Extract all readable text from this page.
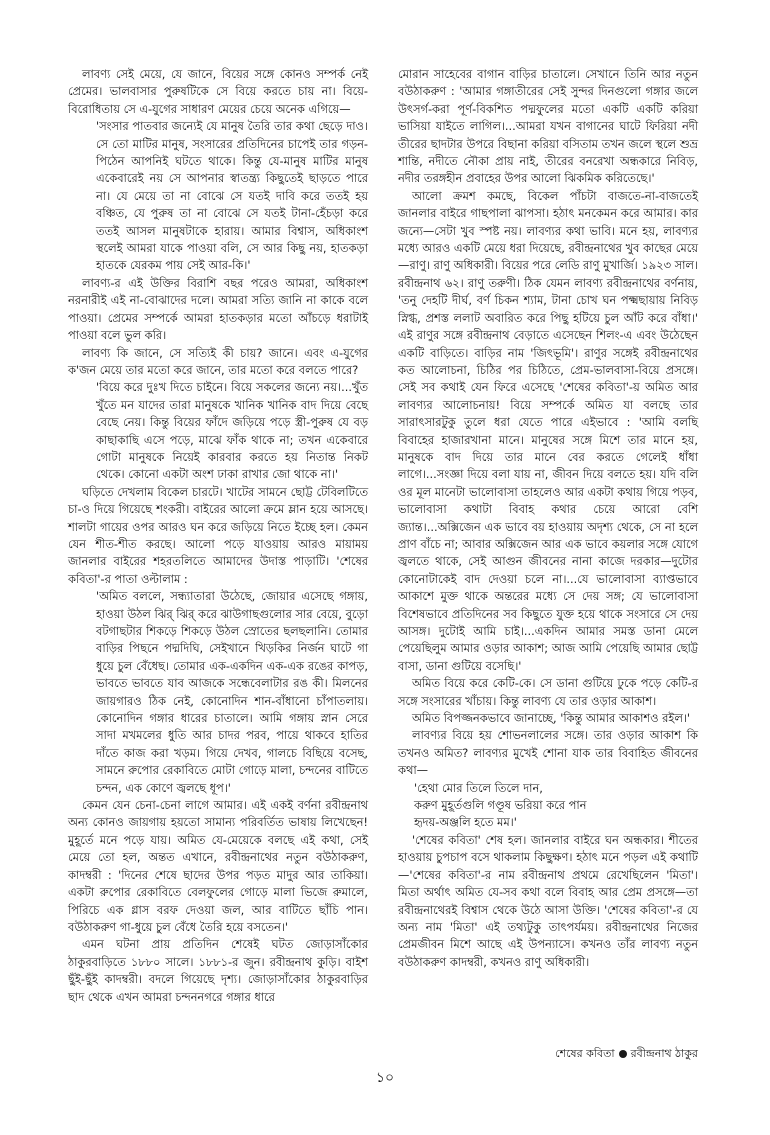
লাবণ্য সেই মেয়ে, যে জানে, বিয়ের সঙ্গে কোনও সম্পর্ক নেই প্রেমের। ভালবাসার পুরুষটিকে সে বিয়ে করতে চায় না। বিয়ে-বিরোধিতায় সে এ-যুগের সাধারণ মেয়ের চেয়ে অনেক এগিয়ে—

'সংসার পাতবার জন্যেই যে মানুষ তৈরি তার কথা ছেড়ে দাও। সে তো মাটির মানুষ, সংসারের প্রতিদিনের চাপেই তার গড়ন-পিঠেন আপনিই ঘটতে থাকে। কিন্তু যে-মানুষ মাটির মানুষ একেবারেই নয় সে আপনার স্বাতন্ত্র্য কিছুতেই ছাড়তে পারে না। যে মেয়ে তা না বোঝে সে যতই দাবি করে ততই হয় বঞ্চিত, যে পুরুষ তা না বোঝে সে যতই টানা-হেঁচড়া করে ততই আসল মানুষটাকে হারায়। আমার বিশ্বাস, অধিকাংশ স্থলেই আমরা যাকে পাওয়া বলি, সে আর কিছু নয়, হাতকড়া হাতকে যেরকম পায় সেই আর-কি।'

লাবণ্য-র এই উক্তির বিরাশি বছর পরেও আমরা, অধিকাংশ নরনারীই এই না-বোঝাদের দলে। আমরা সত্যি জানি না কাকে বলে পাওয়া। প্রেমের সম্পর্কে আমরা হাতকড়ার মতো আঁচড়ে ধরাটাই পাওয়া বলে ভুল করি।

লাবণ্য কি জানে, সে সত্যিই কী চায়? জানে। এবং এ-যুগের ক'জন মেয়ে তার মতো করে জানে, তার মতো করে বলতে পারে?

'বিয়ে করে দুঃখ দিতে চাইনে। বিয়ে সকলের জন্যে নয়।...খুঁত খুঁতে মন যাদের তারা মানুষকে খানিক খানিক বাদ দিয়ে বেছে বেছে নেয়। কিন্তু বিয়ের ফাঁদে জড়িয়ে পড়ে স্ত্রী-পুরুষ যে বড় কাছাকাছি এসে পড়ে, মাঝে ফাঁক থাকে না; তখন একেবারে গোটা মানুষকে নিয়েই কারবার করতে হয় নিতান্ত নিকট থেকে। কোনো একটা অংশ ঢাকা রাখার জো থাকে না।'

ঘড়িতে দেখলাম বিকেল চারটে। খাটের সামনে ছোট্ট টেবিলটিতে চা-ও দিয়ে গিয়েছে শংকরী। বাইরের আলো ক্রমে ম্লান হয়ে আসছে। শালটা গায়ের ওপর আরও ঘন করে জড়িয়ে নিতে ইচ্ছে হল। কেমন যেন শীত-শীত করছে। আলো পড়ে যাওয়ায় আরও মায়াময় জানলার বাইরের শহরতলিতে আমাদের উদাস্ত পাড়াটি। 'শেষের কবিতা'-র পাতা ওল্টালাম :

'অমিত বললে, সন্ধ্যাতারা উঠেছে, জোয়ার এসেছে গঙ্গায়, হাওয়া উঠল ঝির্ ঝির্ করে ঝাউগাছগুলোর সার বেয়ে, বুড়ো বটগাছটার শিকড়ে শিকড়ে উঠল স্রোতের ছলছলানি। তোমার বাড়ির পিছনে পদ্মদিঘি, সেইখানে খিড়কির নির্জন ঘাটে গা ধুয়ে চুল বেঁধেছ। তোমার এক-একদিন এক-এক রঙের কাপড়, ভাবতে ভাবতে যাব আজকে সন্ধেবেলাটার রঙ কী। মিলনের জায়গারও ঠিক নেই, কোনোদিন শান-বাঁধানো চাঁপাতলায়। কোনোদিন গঙ্গার ধারের চাতালে। আমি গঙ্গায় স্নান সেরে সাদা মখমলের ধুতি আর চাদর পরব, পায়ে থাকবে হাতির দাঁতে কাজ করা খড়ম। গিয়ে দেখব, গালচে বিছিয়ে বসেছ, সামনে রুপোর রেকাবিতে মোটা গোড়ে মালা, চন্দনের বাটিতে চন্দন, এক কোণে জ্বলছে ধূপ।'

কেমন যেন চেনা-চেনা লাগে আমার। এই একই বর্ণনা রবীন্দ্রনাথ অন্য কোনও জায়গায় হয়তো সামান্য পরিবর্তিত ভাষায় লিখেছেন! মুহূর্তে মনে পড়ে যায়। অমিত যে-মেয়েকে বলছে এই কথা, সেই মেয়ে তো হল, অন্তত এখানে, রবীন্দ্রনাথের নতুন বউঠাকরুণ, কাদম্বরী : 'দিনের শেষে ছাদের উপর পড়ত মাদুর আর তাকিয়া। একটা রুপোর রেকাবিতে বেলফুলের গোড়ে মালা ভিজে রুমালে, পিরিচে এক গ্লাস বরফ দেওয়া জল, আর বাটিতে ছাঁচি পান। বউঠাকরুণ গা-ধুয়ে চুল বেঁধে তৈরি হয়ে বসতেন।'

এমন ঘটনা প্রায় প্রতিদিন শেষেই ঘটত জোড়াসাঁকোর ঠাকুরবাড়িতে ১৮৮০ সালে। ১৮৮১-র জুন। রবীন্দ্রনাথ কুড়ি। বাইশ ছুঁই-ছুঁই কাদম্বরী। বদলে গিয়েছে দৃশ্য। জোড়াসাঁকোর ঠাকুরবাড়ির ছাদ থেকে এখন আমরা চন্দননগরে গঙ্গার ধারে

মোরান সাহেবের বাগান বাড়ির চাতালে। সেখানে তিনি আর নতুন বউঠাকরুণ : 'আমার গঙ্গাতীরের সেই সুন্দর দিনগুলো গঙ্গার জলে উৎসর্গ-করা পূর্ণ-বিকশিত পদ্মফুলের মতো একটি একটি করিয়া ভাসিয়া যাইতে লাগিল।...আমরা যখন বাগানের ঘাটে ফিরিয়া নদী তীরের ছাদটার উপরে বিছানা করিয়া বসিতাম তখন জলে স্থলে শুভ্র শান্তি, নদীতে নৌকা প্রায় নাই, তীরের বনরেখা অন্ধকারে নিবিড়, নদীর তরঙ্গহীন প্রবাহের উপর আলো ঝিকমিক করিতেছে।'

আলো ক্রমশ কমছে, বিকেল পাঁচটা বাজতে-না-বাজতেই জানলার বাইরে গাছপালা ঝাপসা। হঠাৎ মনকেমন করে আমার। কার জন্যে—সেটা খুব স্পষ্ট নয়। লাবণ্যর কথা ভাবি। মনে হয়, লাবণ্যর মধ্যে আরও একটি মেয়ে ধরা দিয়েছে, রবীন্দ্রনাথের খুব কাছের মেয়ে—রাণু। রাণু অধিকারী। বিয়ের পরে লেডি রাণু মুখার্জি। ১৯২৩ সাল। রবীন্দ্রনাথ ৬২। রাণু তরুণী। ঠিক যেমন লাবণ্য রবীন্দ্রনাথের বর্ণনায়, 'তনু দেহটি দীর্ঘ, বর্ণ চিকন শ্যাম, টানা চোখ ঘন পক্ষ্মছায়ায় নিবিড় স্নিগ্ধ, প্রশস্ত ললাট অবারিত করে পিছু হটিয়ে চুল আঁট করে বাঁধা।' এই রাণুর সঙ্গে রবীন্দ্রনাথ বেড়াতে এসেছেন শিলং-এ এবং উঠেছেন একটি বাড়িতে। বাড়ির নাম 'জিৎভূমি'। রাণুর সঙ্গেই রবীন্দ্রনাথের কত আলোচনা, চিঠির পর চিঠিতে, প্রেম-ভালবাসা-বিয়ে প্রসঙ্গে। সেই সব কথাই যেন ফিরে এসেছে 'শেষের কবিতা'-য় অমিত আর লাবণ্যর আলোচনায়! বিয়ে সম্পর্কে অমিত যা বলছে তার সারাৎসারটুকু তুলে ধরা যেতে পারে এইভাবে : 'আমি বলছি বিবাহের হাজারখানা মানে। মানুষের সঙ্গে মিশে তার মানে হয়, মানুষকে বাদ দিয়ে তার মানে বের করতে গেলেই ধাঁধা লাগে।...সংজ্ঞা দিয়ে বলা যায় না, জীবন দিয়ে বলতে হয়। যদি বলি ওর মূল মানেটা ভালোবাসা তাহলেও আর একটা কথায় গিয়ে পড়ব, ভালোবাসা কথাটা বিবাহ কথার চেয়ে আরো বেশি জ্যান্ত।...অক্সিজেন এক ভাবে বয় হাওয়ায় অদৃশ্য থেকে, সে না হলে প্রাণ বাঁচে না; আবার অক্সিজেন আর এক ভাবে কয়লার সঙ্গে যোগে জ্বলতে থাকে, সেই আগুন জীবনের নানা কাজে দরকার—দুটোর কোনোটাকেই বাদ দেওয়া চলে না।...যে ভালোবাসা ব্যাপ্তভাবে আকাশে মুক্ত থাকে অন্তরের মধ্যে সে দেয় সঙ্গ; যে ভালোবাসা বিশেষভাবে প্রতিদিনের সব কিছুতে যুক্ত হয়ে থাকে সংসারে সে দেয় আসঙ্গ। দুটোই আমি চাই।...একদিন আমার সমস্ত ডানা মেলে পেয়েছিলুম আমার ওড়ার আকাশ; আজ আমি পেয়েছি আমার ছোট্ট বাসা, ডানা গুটিয়ে বসেছি।'

অমিত বিয়ে করে কেটি-কে। সে ডানা গুটিয়ে ঢুকে পড়ে কেটি-র সঙ্গে সংসারের খাঁচায়। কিন্তু লাবণ্য যে তার ওড়ার আকাশ।

অমিত বিপজ্জনকভাবে জানাচ্ছে, 'কিন্তু আমার আকাশও রইল।'

লাবণ্যর বিয়ে হয় শোভনলালের সঙ্গে। তার ওড়ার আকাশ কি তখনও অমিত? লাবণ্যর মুখেই শোনা যাক তার বিবাহিত জীবনের কথা—

'হেথা মোর তিলে তিলে দান,

করুণ মুহূর্তগুলি গণ্ডূষ ভরিয়া করে পান

হৃদয়-অঞ্জলি হতে মম।'

'শেষের কবিতা' শেষ হল। জানলার বাইরে ঘন অন্ধকার। শীতের হাওয়ায় চুপচাপ বসে থাকলাম কিছুক্ষণ। হঠাৎ মনে পড়ল এই কথাটি—'শেষের কবিতা'-র নাম রবীন্দ্রনাথ প্রথমে রেখেছিলেন 'মিতা'। মিতা অর্থাৎ অমিত যে-সব কথা বলে বিবাহ আর প্রেম প্রসঙ্গে—তা রবীন্দ্রনাথেরই বিশ্বাস থেকে উঠে আসা উক্তি। 'শেষের কবিতা'-র যে অন্য নাম 'মিতা' এই তথ্যটুকু তাৎপর্যময়। রবীন্দ্রনাথের নিজের প্রেমজীবন মিশে আছে এই উপন্যাসে। কখনও তাঁর লাবণ্য নতুন বউঠাকরুণ কাদম্বরী, কখনও রাণু অধিকারী।

শেষের কবিতা রবীন্দ্রনাথ ঠাকুর
১০
